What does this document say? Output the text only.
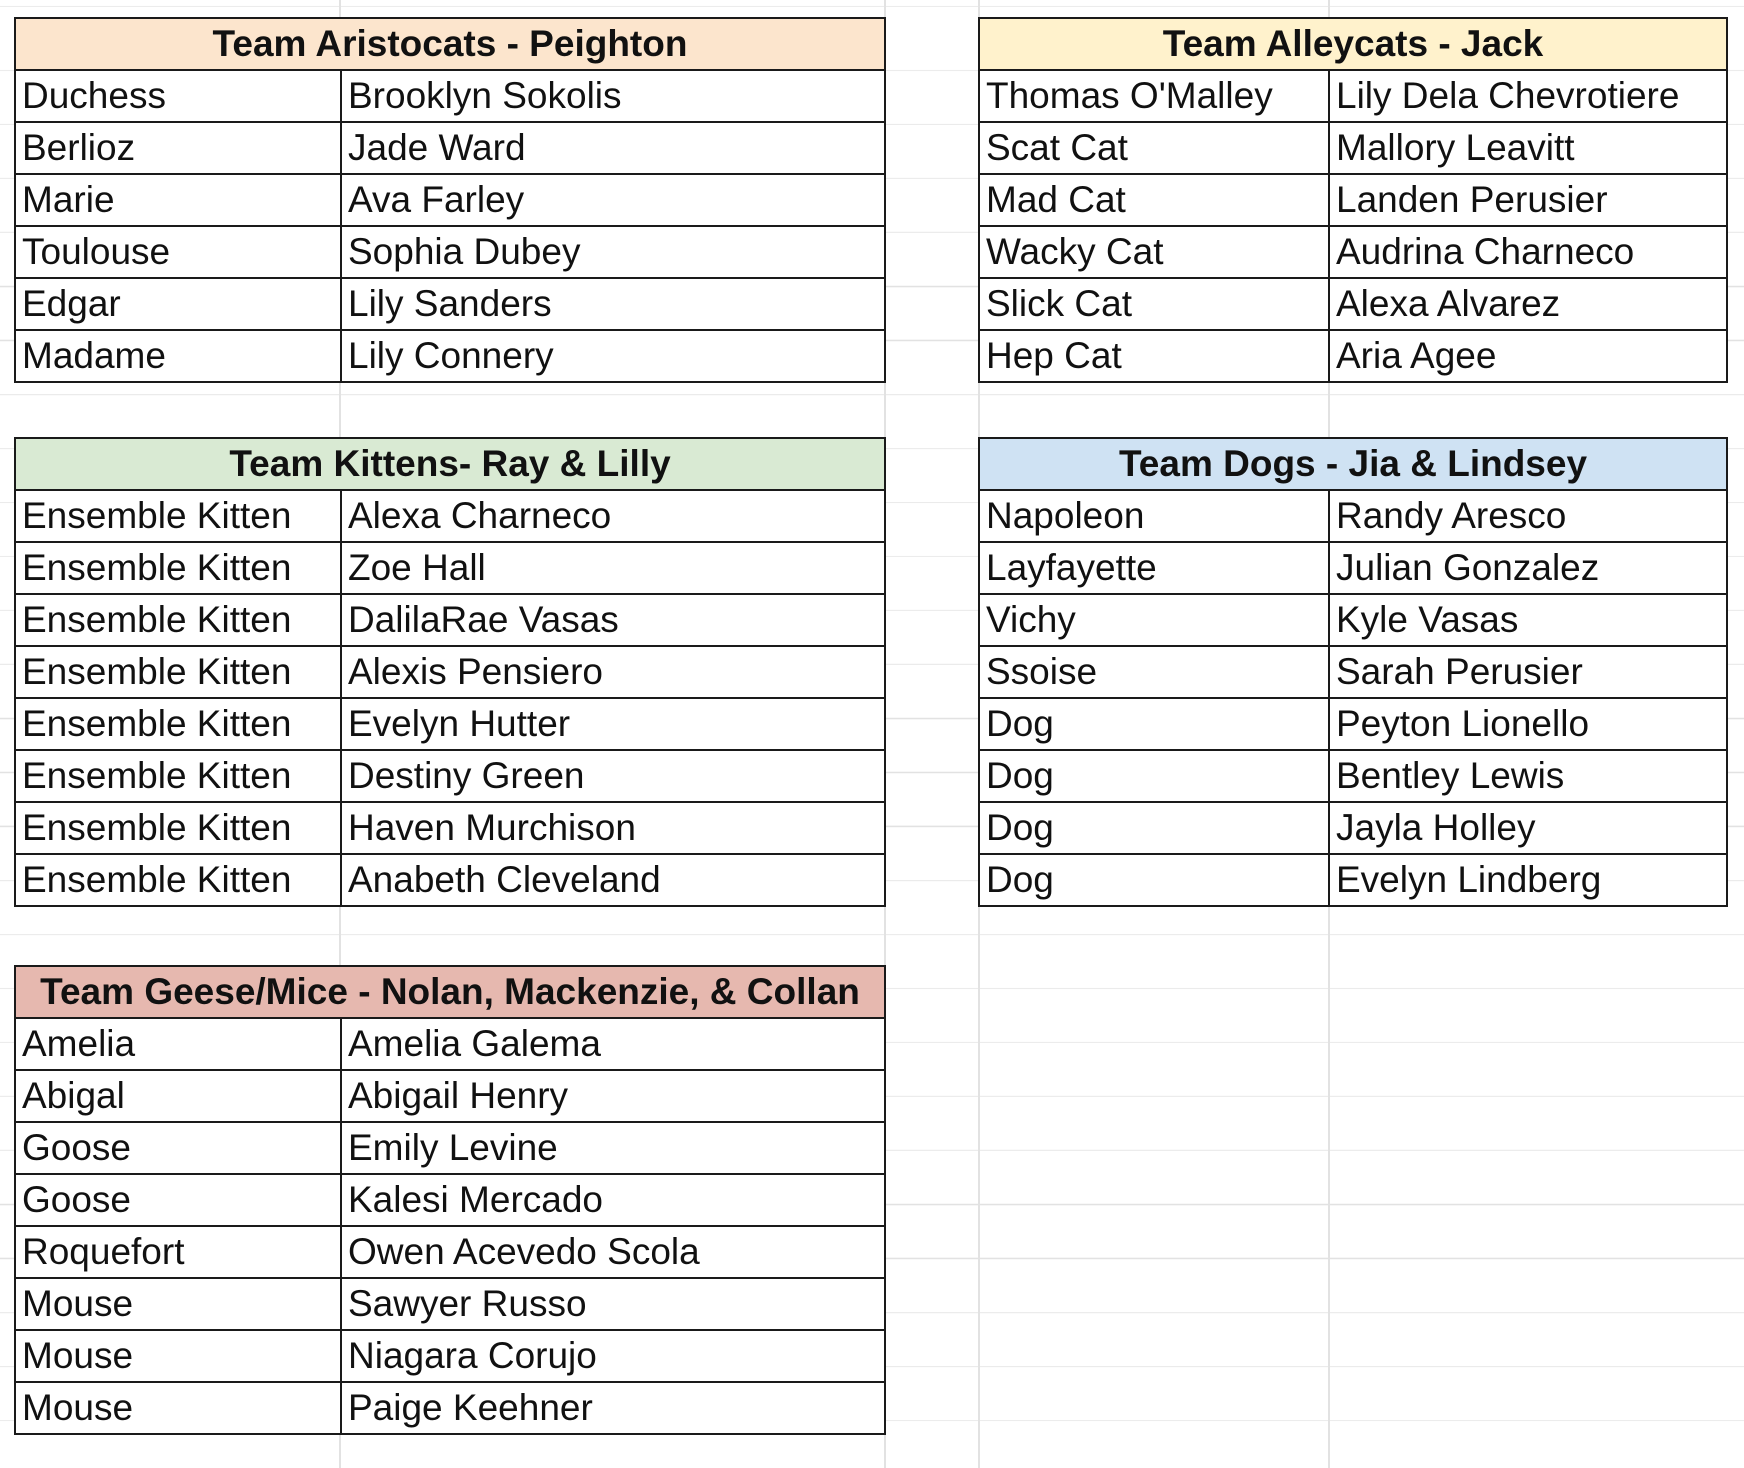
Team Aristocats - Peighton	
Duchess	Brooklyn Sokolis
Berlioz	Jade Ward
Marie	Ava Farley
Toulouse	Sophia Dubey
Edgar	Lily Sanders
Madame	Lily Connery
Team Alleycats - Jack	
Thomas O'Malley	Lily Dela Chevrotiere
Scat Cat	Mallory Leavitt
Mad Cat	Landen Perusier
Wacky Cat	Audrina Charneco
Slick Cat	Alexa Alvarez
Hep Cat	Aria Agee
Team Kittens- Ray & Lilly	
Ensemble Kitten	Alexa Charneco
Ensemble Kitten	Zoe Hall
Ensemble Kitten	DalilaRae Vasas
Ensemble Kitten	Alexis Pensiero
Ensemble Kitten	Evelyn Hutter
Ensemble Kitten	Destiny Green
Ensemble Kitten	Haven Murchison
Ensemble Kitten	Anabeth Cleveland
Team Dogs - Jia & Lindsey	
Napoleon	Randy Aresco
Layfayette	Julian Gonzalez
Vichy	Kyle Vasas
Ssoise	Sarah Perusier
Dog	Peyton Lionello
Dog	Bentley Lewis
Dog	Jayla Holley
Dog	Evelyn Lindberg
Team Geese/Mice - Nolan, Mackenzie, & Collan	
Amelia	Amelia Galema
Abigal	Abigail Henry
Goose	Emily Levine
Goose	Kalesi Mercado
Roquefort	Owen Acevedo Scola
Mouse	Sawyer Russo
Mouse	Niagara Corujo
Mouse	Paige Keehner
